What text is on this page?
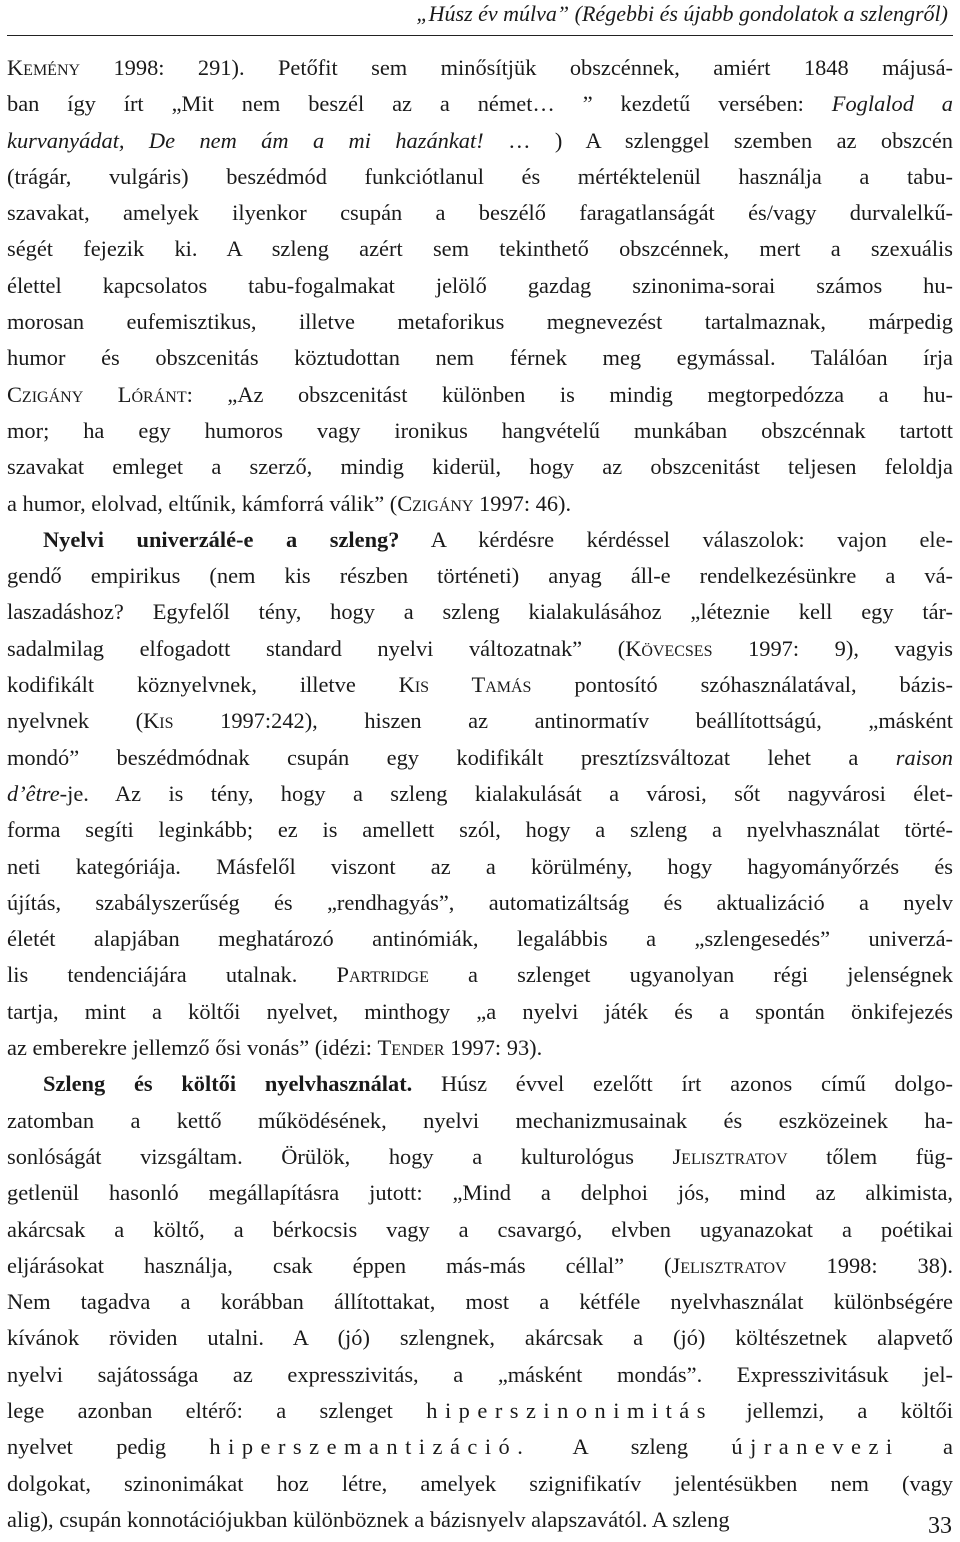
„Húsz év múlva” (Régebbi és újabb gondolatok a szlengről)
Kemény 1998: 291). Petőfit sem minősítjük obszcénnek, amiért 1848 májusá-
ban így írt „Mit nem beszél az a német… ” kezdetű versében: Foglalod a
kurvanyádat, De nem ám a mi hazánkat! … ) A szlenggel szemben az obszcén
(trágár, vulgáris) beszédmód funkciótlanul és mértéktelenül használja a tabu-
szavakat, amelyek ilyenkor csupán a beszélő faragatlanságát és/vagy durvalelkű-
ségét fejezik ki. A szleng azért sem tekinthető obszcénnek, mert a szexuális
élettel kapcsolatos tabu-fogalmakat jelölő gazdag szinonima-sorai számos hu-
morosan eufemisztikus, illetve metaforikus megnevezést tartalmaznak, márpedig
humor és obszcenitás köztudottan nem férnek meg egymással. Találóan írja
Czigány Lóránt: „Az obszcenitást különben is mindig megtorpedózza a hu-
mor; ha egy humoros vagy ironikus hangvételű munkában obszcénnak tartott
szavakat emleget a szerző, mindig kiderül, hogy az obszcenitást teljesen feloldja
a humor, elolvad, eltűnik, kámforrá válik” (Czigány 1997: 46).
Nyelvi univerzálé-e a szleng? A kérdésre kérdéssel válaszolok: vajon ele-
gendő empirikus (nem kis részben történeti) anyag áll-e rendelkezésünkre a vá-
laszadáshoz? Egyfelől tény, hogy a szleng kialakulásához „léteznie kell egy tár-
sadalmilag elfogadott standard nyelvi változatnak” (Kövecses 1997: 9), vagyis
kodifikált köznyelvnek, illetve Kis Tamás pontosító szóhasználatával, bázis-
nyelvnek (Kis 1997:242), hiszen az antinormatív beállítottságú, „másként
mondó” beszédmódnak csupán egy kodifikált presztízsváltozat lehet a raison
d’être-je. Az is tény, hogy a szleng kialakulását a városi, sőt nagyvárosi élet-
forma segíti leginkább; ez is amellett szól, hogy a szleng a nyelvhasználat törté-
neti kategóriája. Másfelől viszont az a körülmény, hogy hagyományőrzés és
újítás, szabályszerűség és „rendhagyás”, automatizáltság és aktualizáció a nyelv
életét alapjában meghatározó antinómiák, legalábbis a „szlengesedés” univerzá-
lis tendenciájára utalnak. Partridge a szlenget ugyanolyan régi jelenségnek
tartja, mint a költői nyelvet, minthogy „a nyelvi játék és a spontán önkifejezés
az emberekre jellemző ősi vonás” (idézi: Tender 1997: 93).
Szleng és költői nyelvhasználat. Húsz évvel ezelőtt írt azonos című dolgo-
zatomban a kettő működésének, nyelvi mechanizmusainak és eszközeinek ha-
sonlóságát vizsgáltam. Örülök, hogy a kulturológus Jelisztratov tőlem füg-
getlenül hasonló megállapításra jutott: „Mind a delphoi jós, mind az alkimista,
akárcsak a költő, a bérkocsis vagy a csavargó, elvben ugyanazokat a poétikai
eljárásokat használja, csak éppen más-más céllal” (Jelisztratov 1998: 38).
Nem tagadva a korábban állítottakat, most a kétféle nyelvhasználat különbségére
kívánok röviden utalni. A (jó) szlengnek, akárcsak a (jó) költészetnek alapvető
nyelvi sajátossága az expresszivitás, a „másként mondás”. Expresszivitásuk jel-
lege azonban eltérő: a szlenget hiperszinonimitás jellemzi, a költői
nyelvet pedig hiperszemantizáció. A szleng újranevezi a
dolgokat, szinonimákat hoz létre, amelyek szignifikatív jelentésükben nem (vagy
alig), csupán konnotációjukban különböznek a bázisnyelv alapszavától. A szleng	33
